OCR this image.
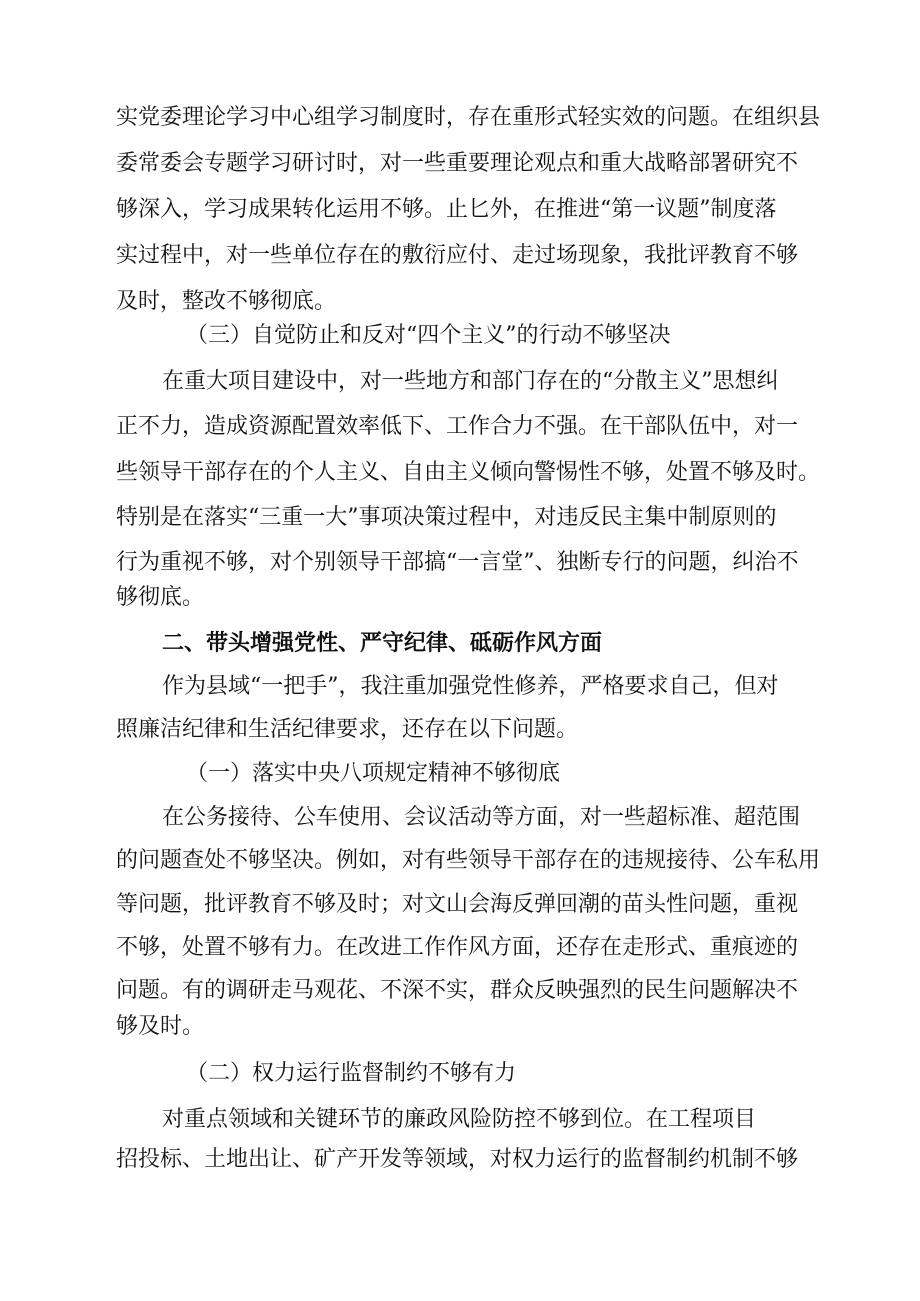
实党委理论学习中心组学习制度时，存在重形式轻实效的问题。在组织县
委常委会专题学习研讨时，对一些重要理论观点和重大战略部署研究不
够深入，学习成果转化运用不够。止匕外，在推进“第一议题”制度落
实过程中，对一些单位存在的敷衍应付、走过场现象，我批评教育不够
及时，整改不够彻底。
（三）自觉防止和反对“四个主义”的行动不够坚决
在重大项目建设中，对一些地方和部门存在的“分散主义”思想纠
正不力，造成资源配置效率低下、工作合力不强。在干部队伍中，对一
些领导干部存在的个人主义、自由主义倾向警惕性不够，处置不够及时。
特别是在落实“三重一大”事项决策过程中，对违反民主集中制原则的
行为重视不够，对个别领导干部搞“一言堂”、独断专行的问题，纠治不
够彻底。
二、带头增强党性、严守纪律、砥砺作风方面
作为县域“一把手”，我注重加强党性修养，严格要求自己，但对
照廉洁纪律和生活纪律要求，还存在以下问题。
（一）落实中央八项规定精神不够彻底
在公务接待、公车使用、会议活动等方面，对一些超标准、超范围
的问题查处不够坚决。例如，对有些领导干部存在的违规接待、公车私用
等问题，批评教育不够及时；对文山会海反弹回潮的苗头性问题，重视
不够，处置不够有力。在改进工作作风方面，还存在走形式、重痕迹的
问题。有的调研走马观花、不深不实，群众反映强烈的民生问题解决不
够及时。
（二）权力运行监督制约不够有力
对重点领域和关键环节的廉政风险防控不够到位。在工程项目
招投标、土地出让、矿产开发等领域，对权力运行的监督制约机制不够
